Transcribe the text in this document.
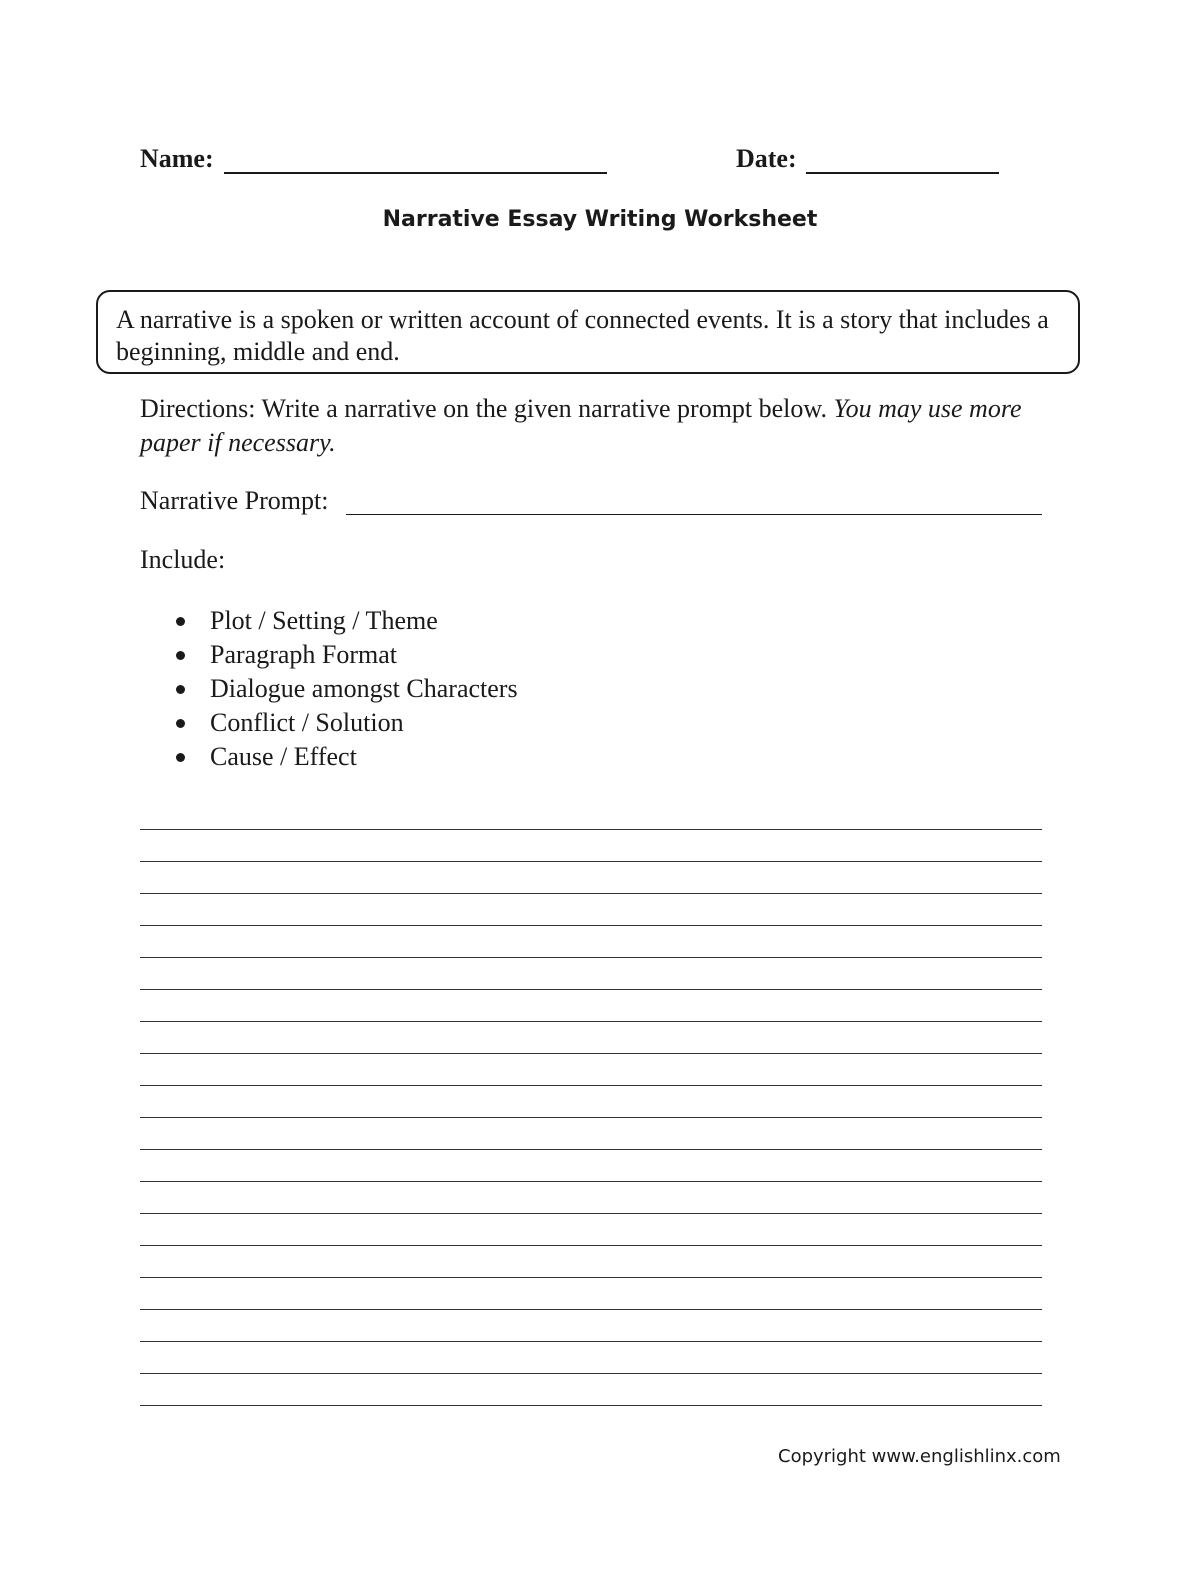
Name:	Date:
Narrative Essay Writing Worksheet
A narrative is a spoken or written account of connected events. It is a story that includes a beginning, middle and end.
Directions: Write a narrative on the given narrative prompt below. You may use more paper if necessary.
Narrative Prompt:
Include:
Plot / Setting / Theme
Paragraph Format
Dialogue amongst Characters
Conflict / Solution
Cause / Effect
Copyright www.englishlinx.com
